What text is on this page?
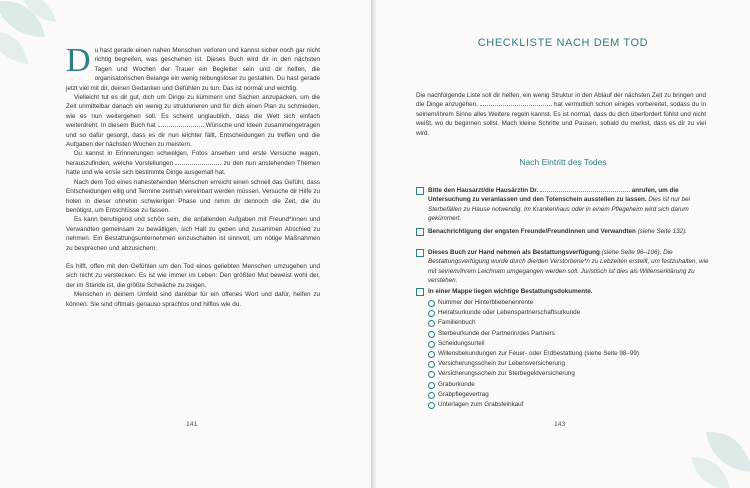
Du hast gerade einen nahen Menschen verloren und kannst sicher noch gar nicht richtig begreifen, was geschehen ist. Dieses Buch wird dir in den nächsten Tagen und Wochen der Trauer ein Begleiter sein und dir helfen, die organisatorischen Belange ein wenig reibungsloser zu gestalten. Du hast gerade jetzt viel mit dir, deinen Gedanken und Gefühlen zu tun. Das ist normal und wichtig.

Vielleicht tut es dir gut, dich um Dinge zu kümmern und Sachen anzupacken, um die Zeit unmittelbar danach ein wenig zu strukturieren und für dich einen Plan zu schmieden, wie es nun weitergehen soll. Es scheint unglaublich, dass die Welt sich einfach weiterdreht. In diesem Buch hat	Wünsche und Ideen zusammengetragen und so dafür gesorgt, dass es dir nun leichter fällt, Entscheidungen zu treffen und die Aufgaben der nächsten Wochen zu meistern.

Du kannst in Erinnerungen schwelgen, Fotos ansehen und erste Versuche wagen, herauszufinden, welche Vorstellungen	zu den nun anstehenden Themen hatte und wie er/sie sich bestimmte Dinge ausgemalt hat.

Nach dem Tod eines nahestehenden Menschen erreicht einen schnell das Gefühl, dass Entscheidungen eilig und Termine zeitnah vereinbart werden müssen. Versuche dir Hilfe zu holen in dieser ohnehin schwierigen Phase und nimm dir dennoch die Zeit, die du benötigst, um Entschlüsse zu fassen.

Es kann beruhigend und schön sein, die anfallenden Aufgaben mit Freund*innen und Verwandten gemeinsam zu bewältigen, sich Halt zu geben und zusammen Abschied zu nehmen. Ein Bestattungsunternehmen einzuschalten ist sinnvoll, um nötige Maßnahmen zu besprechen und abzusichern.

Es hilft, offen mit den Gefühlen um den Tod eines geliebten Menschen umzugehen und sich nicht zu verstecken. Es ist wie immer im Leben: Den größten Mut beweist wohl der, der im Stande ist, die größte Schwäche zu zeigen.

Menschen in deinem Umfeld sind dankbar für ein offenes Wort und dafür, helfen zu können. Sie sind oftmals genauso sprachlos und hilflos wie du.

141
CHECKLISTE NACH DEM TOD
Die nachfolgende Liste soll dir helfen, ein wenig Struktur in den Ablauf der nächsten Zeit zu bringen und die Dinge anzugehen.	hat vermutlich schon einiges vorbereitet, sodass du in seinem/ihrem Sinne alles Weitere regeln kannst. Es ist normal, dass du dich überfordert fühlst und nicht weißt, wo du beginnen sollst. Mach kleine Schritte und Pausen, sobald du merkst, dass es dir zu viel wird.
Nach Eintritt des Todes
Bitte den Hausarzt/die Hausärztin Dr.	anrufen, um die Untersuchung zu veranlassen und den Totenschein ausstellen zu lassen. Dies ist nur bei Sterbefällen zu Hause notwendig. Im Krankenhaus oder in einem Pflegeheim wird sich darum gekümmert.
Benachrichtigung der engsten Freunde/Freundinnen und Verwandten (siehe Seite 132).
Dieses Buch zur Hand nehmen als Bestattungsverfügung (siehe Seite 96–106). Die Bestattungsverfügung wurde durch die/den Verstorbene*n zu Lebzeiten erstellt, um festzuhalten, wie mit seinem/ihrem Leichnam umgegangen werden soll. Juristisch ist dies als Willenserklärung zu verstehen.
In einer Mappe liegen wichtige Bestattungsdokumente.
Nummer der Hinterbliebenenrente
Heiratsurkunde oder Lebenspartnerschaftsurkunde
Familienbuch
Sterbeurkunde der Partnerin/des Partners
Scheidungsurteil
Willensbekundungen zur Feuer- oder Erdbestattung (siehe Seite 98–99)
Versicherungsschein zur Lebensversicherung
Versicherungsschein zur Sterbegeldversicherung
Graburkunde
Grabpflegevertrag
Unterlagen zum Grabsteinkauf
143
